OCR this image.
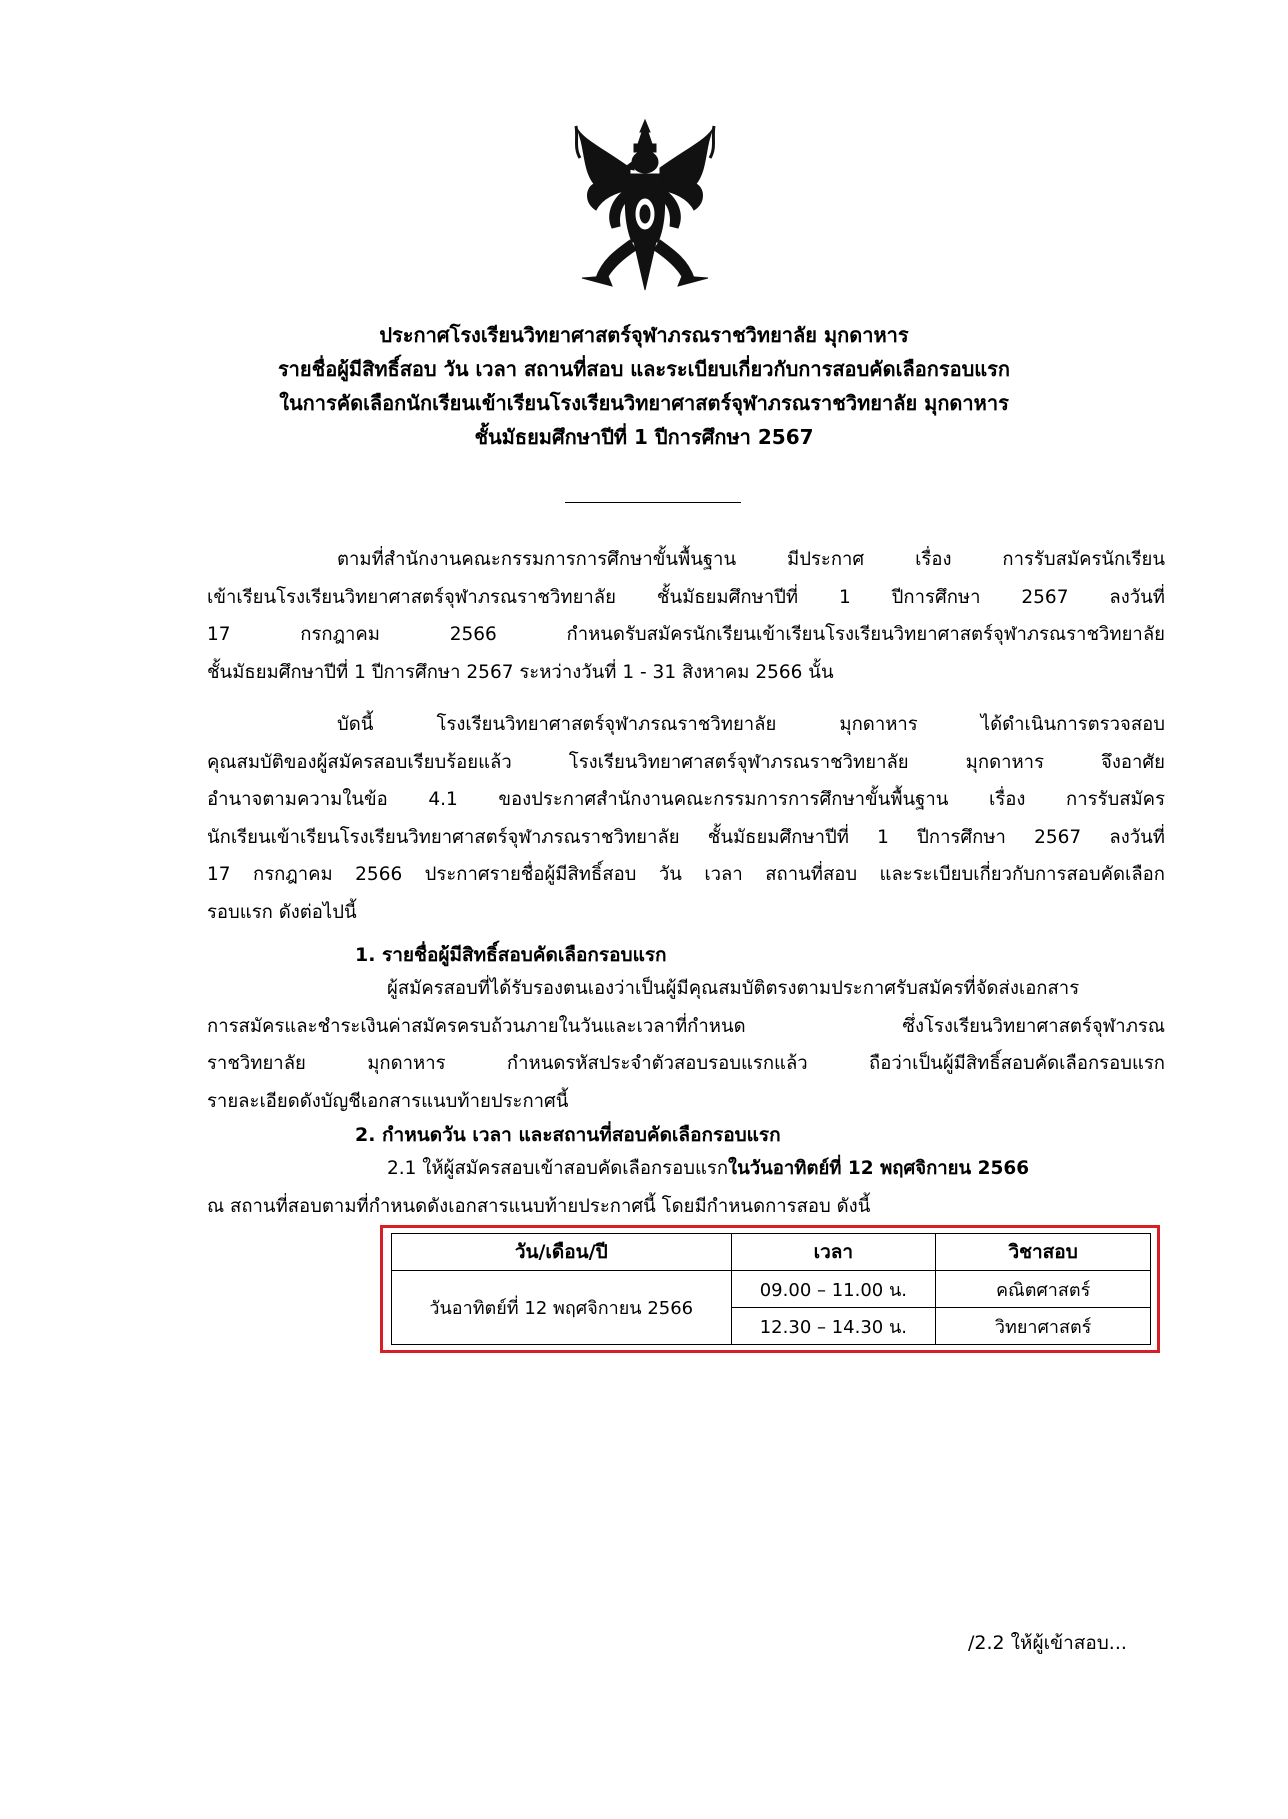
ประกาศโรงเรียนวิทยาศาสตร์จุฬาภรณราชวิทยาลัย มุกดาหาร
รายชื่อผู้มีสิทธิ์สอบ วัน เวลา สถานที่สอบ และระเบียบเกี่ยวกับการสอบคัดเลือกรอบแรก
ในการคัดเลือกนักเรียนเข้าเรียนโรงเรียนวิทยาศาสตร์จุฬาภรณราชวิทยาลัย มุกดาหาร
ชั้นมัธยมศึกษาปีที่ 1 ปีการศึกษา 2567
ตามที่สำนักงานคณะกรรมการการศึกษาขั้นพื้นฐาน มีประกาศ เรื่อง การรับสมัครนักเรียน
เข้าเรียนโรงเรียนวิทยาศาสตร์จุฬาภรณราชวิทยาลัย ชั้นมัธยมศึกษาปีที่ 1 ปีการศึกษา 2567 ลงวันที่
17 กรกฎาคม 2566 กำหนดรับสมัครนักเรียนเข้าเรียนโรงเรียนวิทยาศาสตร์จุฬาภรณราชวิทยาลัย
ชั้นมัธยมศึกษาปีที่ 1 ปีการศึกษา 2567 ระหว่างวันที่ 1 - 31 สิงหาคม 2566 นั้น
บัดนี้ โรงเรียนวิทยาศาสตร์จุฬาภรณราชวิทยาลัย มุกดาหาร ได้ดำเนินการตรวจสอบ
คุณสมบัติของผู้สมัครสอบเรียบร้อยแล้ว โรงเรียนวิทยาศาสตร์จุฬาภรณราชวิทยาลัย มุกดาหาร จึงอาศัย
อำนาจตามความในข้อ 4.1 ของประกาศสำนักงานคณะกรรมการการศึกษาขั้นพื้นฐาน เรื่อง การรับสมัคร
นักเรียนเข้าเรียนโรงเรียนวิทยาศาสตร์จุฬาภรณราชวิทยาลัย ชั้นมัธยมศึกษาปีที่ 1 ปีการศึกษา 2567 ลงวันที่
17 กรกฎาคม 2566 ประกาศรายชื่อผู้มีสิทธิ์สอบ วัน เวลา สถานที่สอบ และระเบียบเกี่ยวกับการสอบคัดเลือก
รอบแรก ดังต่อไปนี้
1. รายชื่อผู้มีสิทธิ์สอบคัดเลือกรอบแรก
ผู้สมัครสอบที่ได้รับรองตนเองว่าเป็นผู้มีคุณสมบัติตรงตามประกาศรับสมัครที่จัดส่งเอกสาร
การสมัครและชำระเงินค่าสมัครครบถ้วนภายในวันและเวลาที่กำหนด ซึ่งโรงเรียนวิทยาศาสตร์จุฬาภรณ
ราชวิทยาลัย มุกดาหาร กำหนดรหัสประจำตัวสอบรอบแรกแล้ว ถือว่าเป็นผู้มีสิทธิ์สอบคัดเลือกรอบแรก
รายละเอียดดังบัญชีเอกสารแนบท้ายประกาศนี้
2. กำหนดวัน เวลา และสถานที่สอบคัดเลือกรอบแรก
2.1 ให้ผู้สมัครสอบเข้าสอบคัดเลือกรอบแรกในวันอาทิตย์ที่ 12 พฤศจิกายน 2566
ณ สถานที่สอบตามที่กำหนดดังเอกสารแนบท้ายประกาศนี้ โดยมีกำหนดการสอบ ดังนี้
วัน/เดือน/ปี	เวลา	วิชาสอบ
วันอาทิตย์ที่ 12 พฤศจิกายน 2566	09.00 – 11.00 น.	คณิตศาสตร์
	12.30 – 14.30 น.	วิทยาศาสตร์
/2.2 ให้ผู้เข้าสอบ...
